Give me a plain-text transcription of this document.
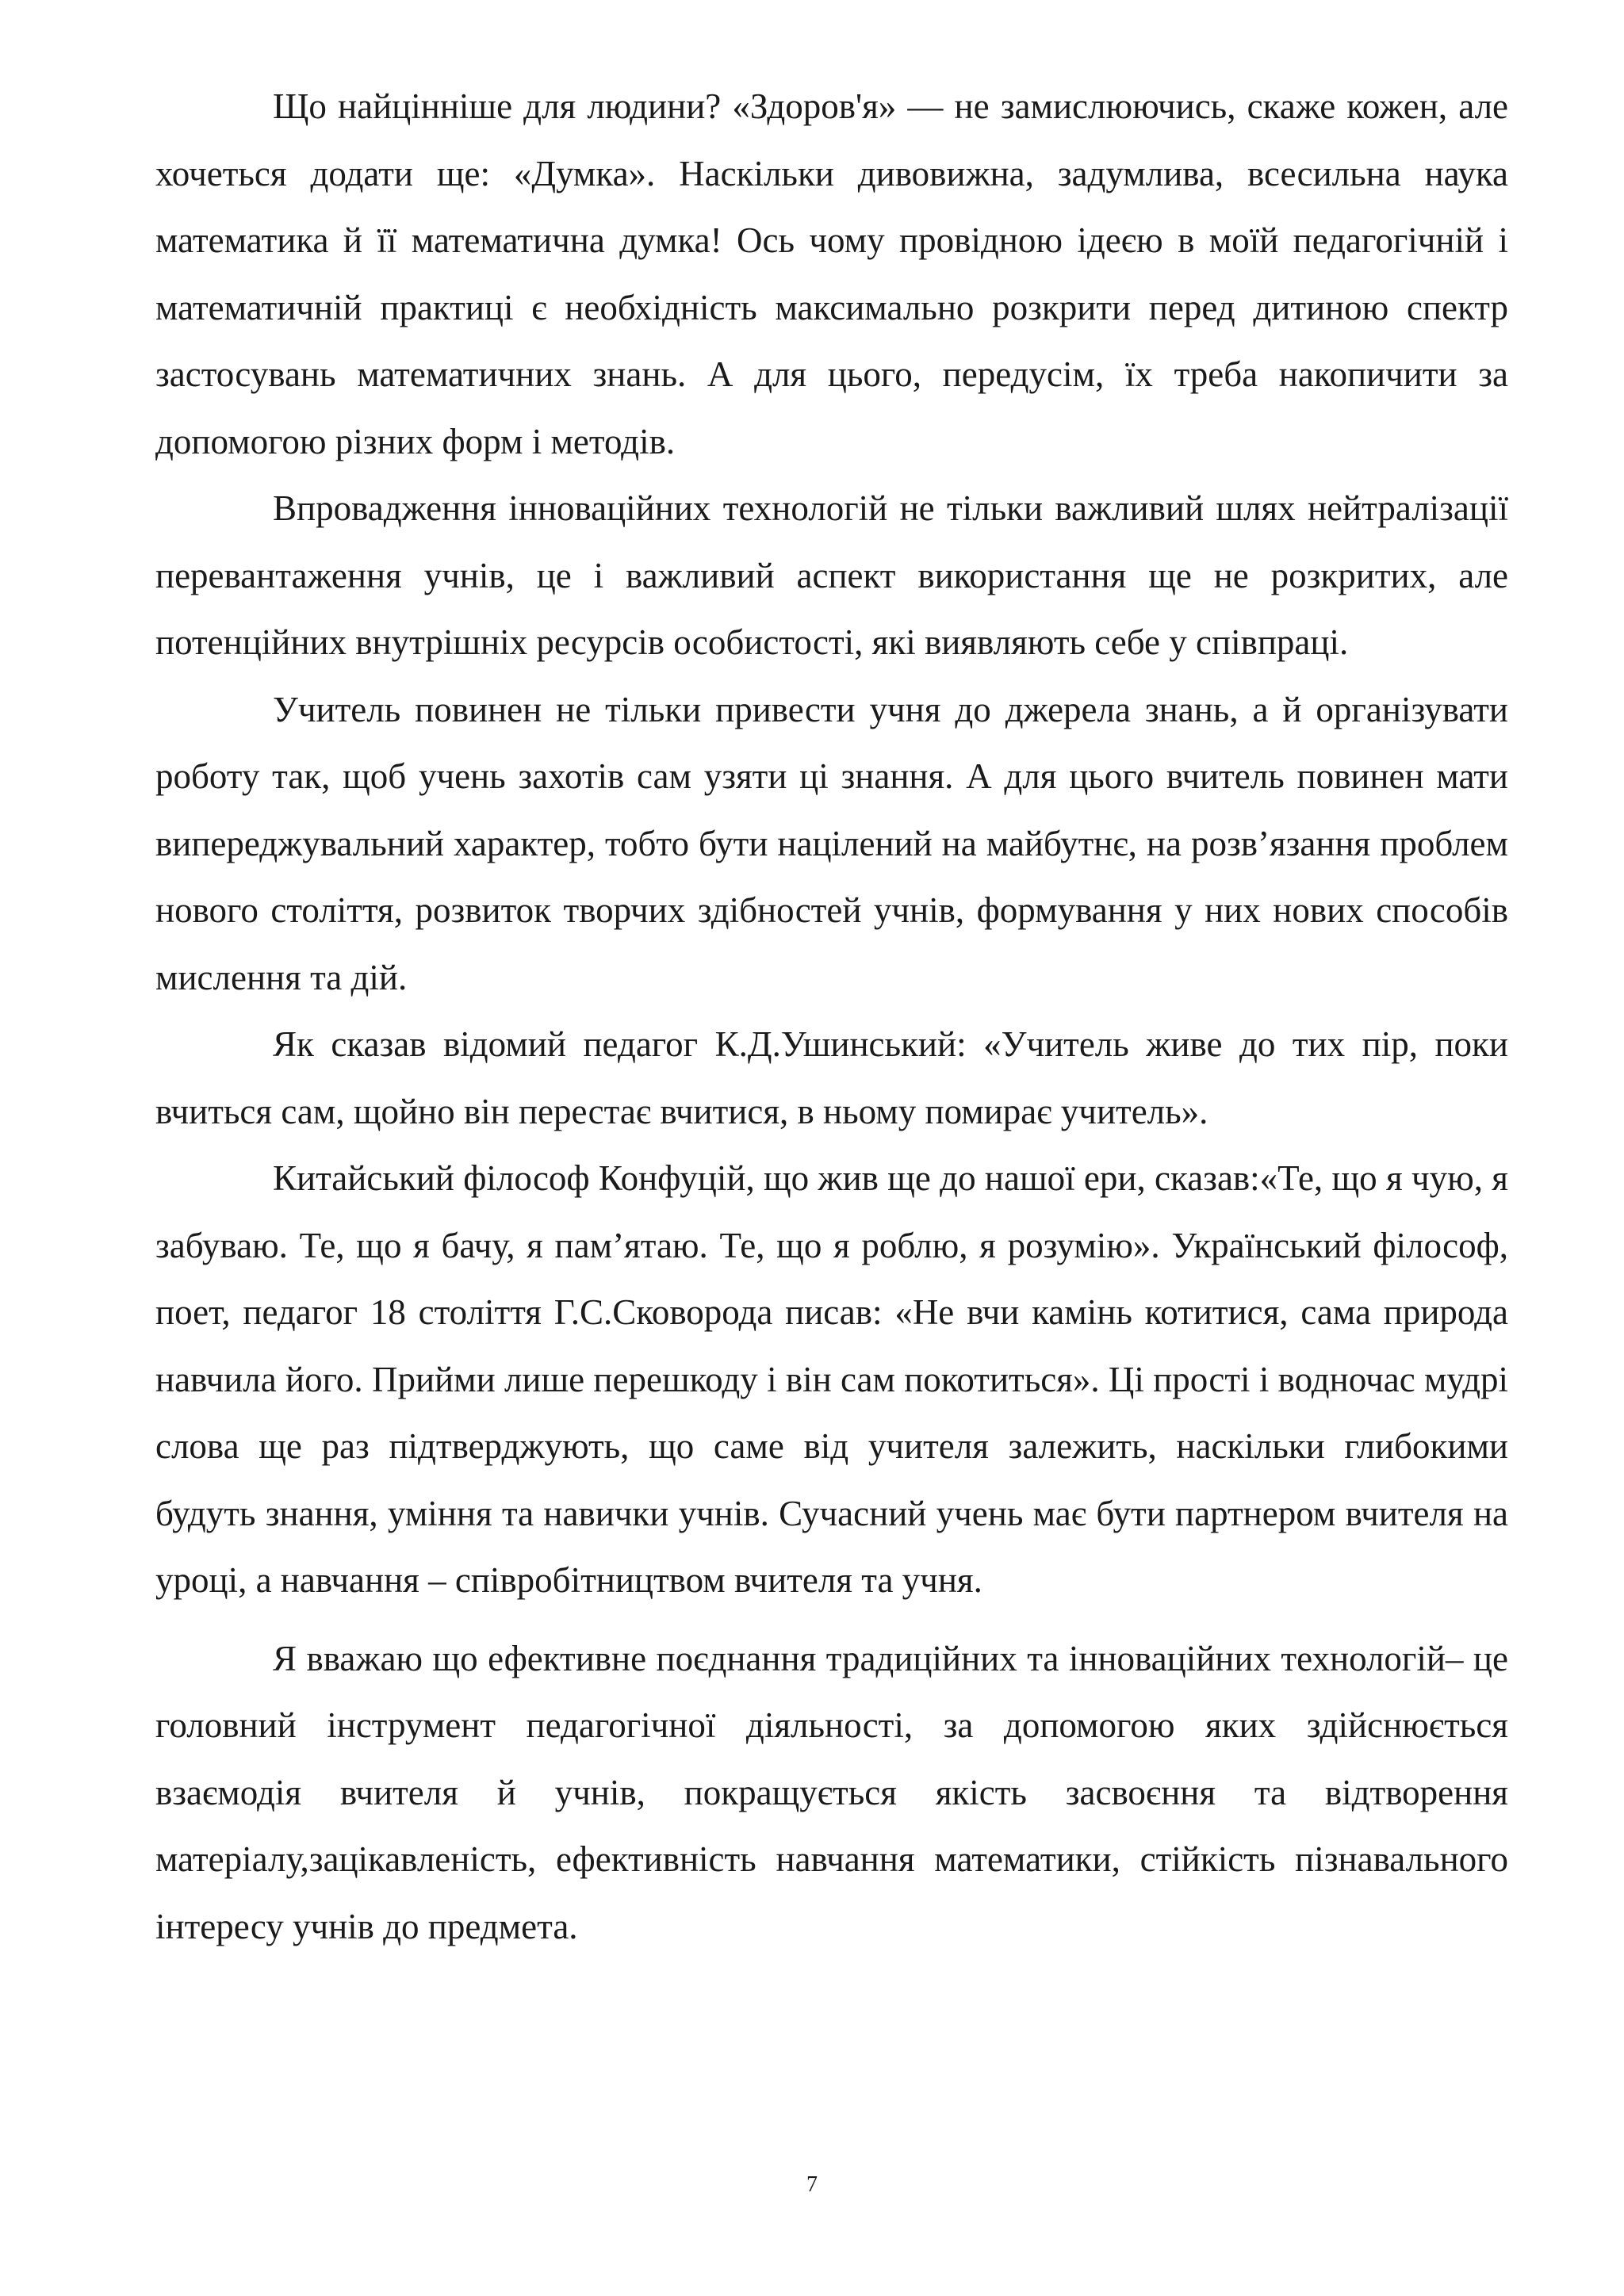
Що найцінніше для людини? «Здоров'я» — не замислюючись, скаже кожен, але хочеться додати ще: «Думка». Наскільки дивовижна, задумлива, всесильна наука математика й її математична думка! Ось чому провідною ідеєю в моїй педагогічній і математичній практиці є необхідність максимально розкрити перед дитиною спектр застосувань математичних знань. А для цього, передусім, їх треба накопичити за допомогою різних форм і методів.

Впровадження інноваційних технологій не тільки важливий шлях нейтралізації перевантаження учнів, це і важливий аспект використання ще не розкритих, але потенційних внутрішніх ресурсів особистості, які виявляють себе у співпраці.

Учитель повинен не тільки привести учня до джерела знань, а й організувати роботу так, щоб учень захотів сам узяти ці знання. А для цього вчитель повинен мати випереджувальний характер, тобто бути націлений на майбутнє, на розв’язання проблем нового століття, розвиток творчих здібностей учнів, формування у них нових способів мислення та дій.

Як сказав відомий педагог К.Д.Ушинський: «Учитель живе до тих пір, поки вчиться сам, щойно він перестає вчитися, в ньому помирає учитель».

Китайський філософ Конфуцій, що жив ще до нашої ери, сказав:«Те, що я чую, я забуваю. Те, що я бачу, я пам’ятаю. Те, що я роблю, я розумію». Український філософ, поет, педагог 18 століття Г.С.Сковорода писав: «Не вчи камінь котитися, сама природа навчила його. Прийми лише перешкоду і він сам покотиться». Ці прості і водночас мудрі слова ще раз підтверджують, що саме від учителя залежить, наскільки глибокими будуть знання, уміння та навички учнів. Сучасний учень має бути партнером вчителя на уроці, а навчання – співробітництвом вчителя та учня.

Я вважаю що ефективне поєднання традиційних та інноваційних технологій– це головний інструмент педагогічної діяльності, за допомогою яких здійснюється взаємодія вчителя й учнів, покращується якість засвоєння та відтворення матеріалу,зацікавленість, ефективність навчання математики, стійкість пізнавального інтересу учнів до предмета.

7
